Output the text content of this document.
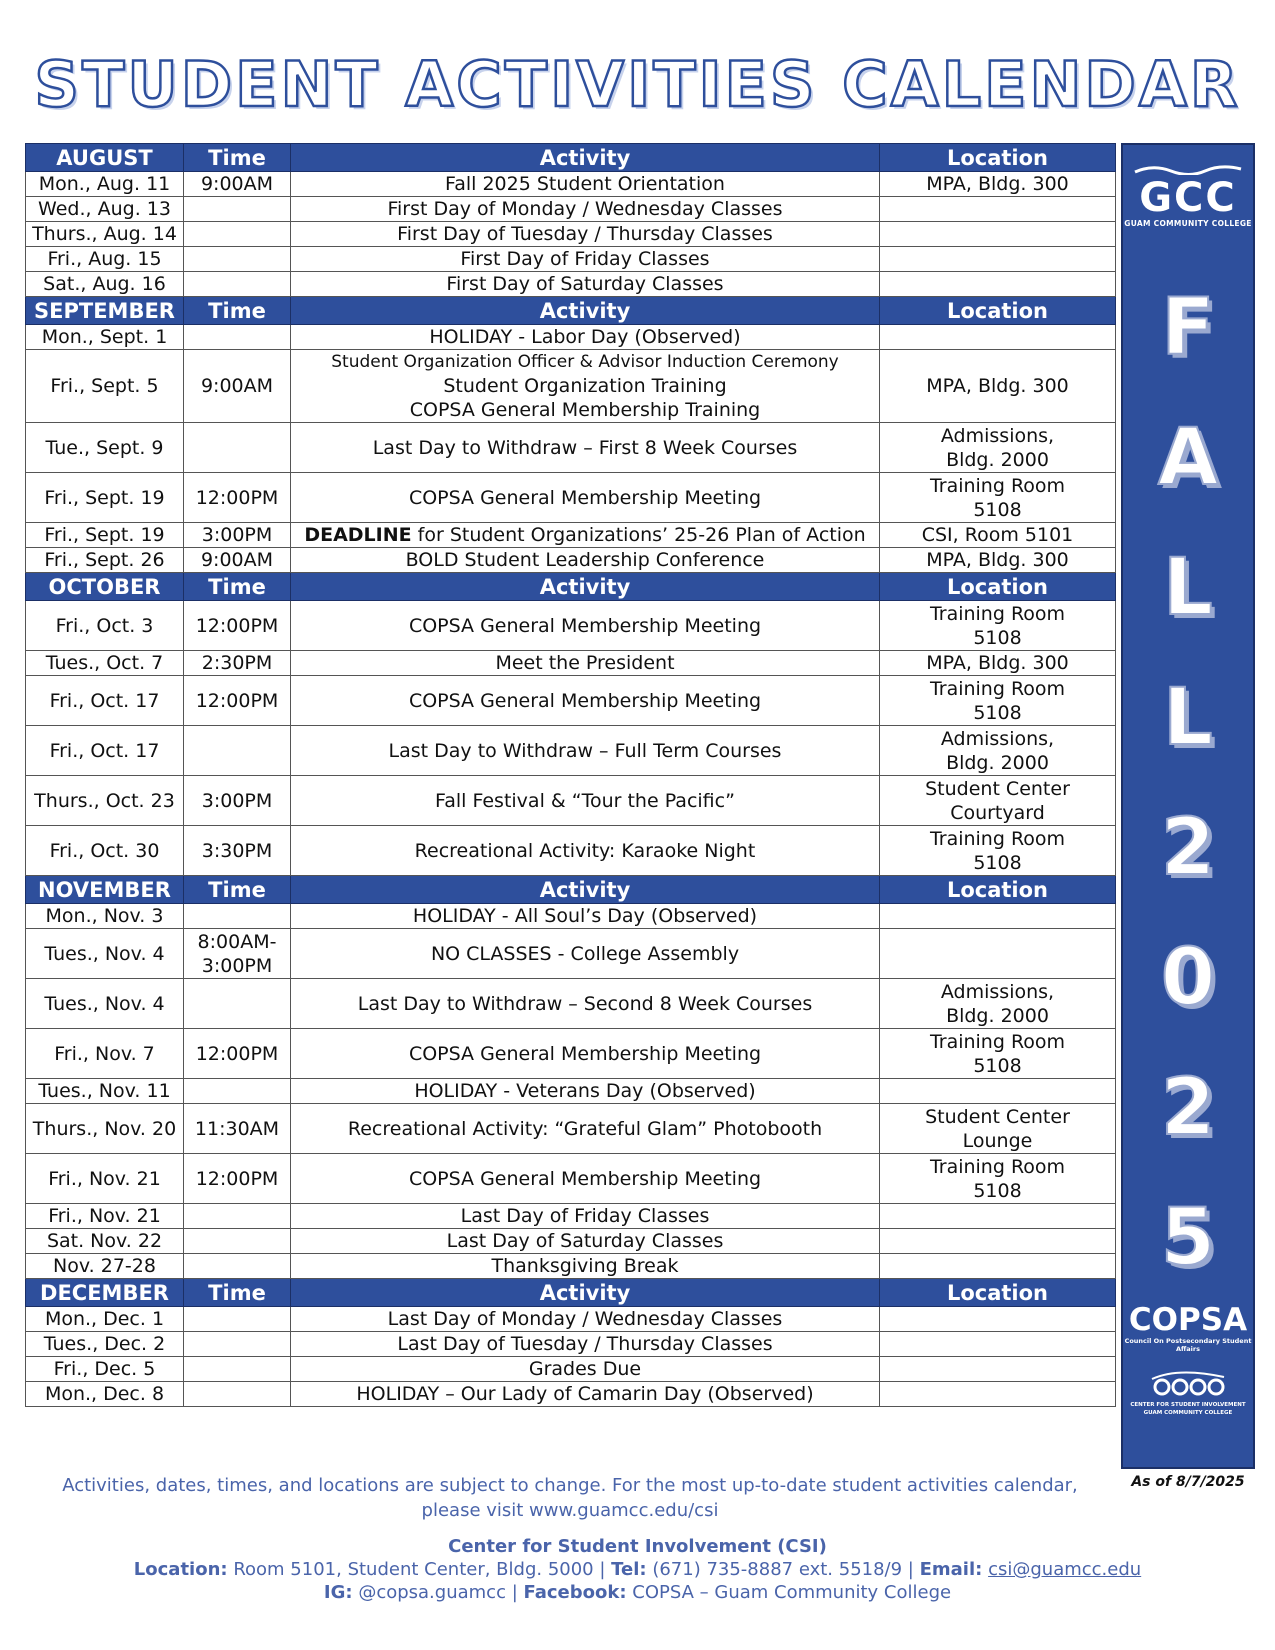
STUDENT ACTIVITIES CALENDAR
AUGUST	Time	Activity	Location
Mon., Aug. 11	9:00AM	Fall 2025 Student Orientation	MPA, Bldg. 300
Wed., Aug. 13		First Day of Monday / Wednesday Classes	
Thurs., Aug. 14		First Day of Tuesday / Thursday Classes	
Fri., Aug. 15		First Day of Friday Classes	
Sat., Aug. 16		First Day of Saturday Classes	
SEPTEMBER	Time	Activity	Location
Mon., Sept. 1		HOLIDAY - Labor Day (Observed)	
Fri., Sept. 5	9:00AM	Student Organization Officer & Advisor Induction Ceremony
Student Organization Training
COPSA General Membership Training	MPA, Bldg. 300
Tue., Sept. 9		Last Day to Withdraw – First 8 Week Courses	Admissions,
Bldg. 2000

Fri., Sept. 19	12:00PM	COPSA General Membership Meeting	Training Room
5108

Fri., Sept. 19	3:00PM	DEADLINE for Student Organizations’ 25-26 Plan of Action	CSI, Room 5101
Fri., Sept. 26	9:00AM	BOLD Student Leadership Conference	MPA, Bldg. 300
OCTOBER	Time	Activity	Location
Fri., Oct. 3	12:00PM	COPSA General Membership Meeting	Training Room
5108

Tues., Oct. 7	2:30PM	Meet the President	MPA, Bldg. 300
Fri., Oct. 17	12:00PM	COPSA General Membership Meeting	Training Room
5108

Fri., Oct. 17		Last Day to Withdraw – Full Term Courses	Admissions,
Bldg. 2000

Thurs., Oct. 23	3:00PM	Fall Festival & “Tour the Pacific”	Student Center
Courtyard

Fri., Oct. 30	3:30PM	Recreational Activity: Karaoke Night	Training Room
5108

NOVEMBER	Time	Activity	Location
Mon., Nov. 3		HOLIDAY - All Soul’s Day (Observed)	
Tues., Nov. 4	8:00AM-
3:00PM	NO CLASSES - College Assembly	
Tues., Nov. 4		Last Day to Withdraw – Second 8 Week Courses	Admissions,
Bldg. 2000

Fri., Nov. 7	12:00PM	COPSA General Membership Meeting	Training Room
5108

Tues., Nov. 11		HOLIDAY - Veterans Day (Observed)	
Thurs., Nov. 20	11:30AM	Recreational Activity: “Grateful Glam” Photobooth	Student Center
Lounge

Fri., Nov. 21	12:00PM	COPSA General Membership Meeting	Training Room
5108

Fri., Nov. 21		Last Day of Friday Classes	
Sat. Nov. 22		Last Day of Saturday Classes	
Nov. 27-28		Thanksgiving Break	
DECEMBER	Time	Activity	Location
Mon., Dec. 1		Last Day of Monday / Wednesday Classes	
Tues., Dec. 2		Last Day of Tuesday / Thursday Classes	
Fri., Dec. 5		Grades Due	
Mon., Dec. 8		HOLIDAY – Our Lady of Camarin Day (Observed)	
GCC
GUAM COMMUNITY COLLEGE
F
A
L
L
2
0
2
5
COPSA
Council On Postsecondary Student Affairs
CENTER FOR STUDENT INVOLVEMENT
GUAM COMMUNITY COLLEGE
As of 8/7/2025
Activities, dates, times, and locations are subject to change. For the most up-to-date student activities calendar,
please visit www.guamcc.edu/csi
Center for Student Involvement (CSI)
Location: Room 5101, Student Center, Bldg. 5000 | Tel: (671) 735-8887 ext. 5518/9 | Email: csi@guamcc.edu
IG: @copsa.guamcc | Facebook: COPSA – Guam Community College
